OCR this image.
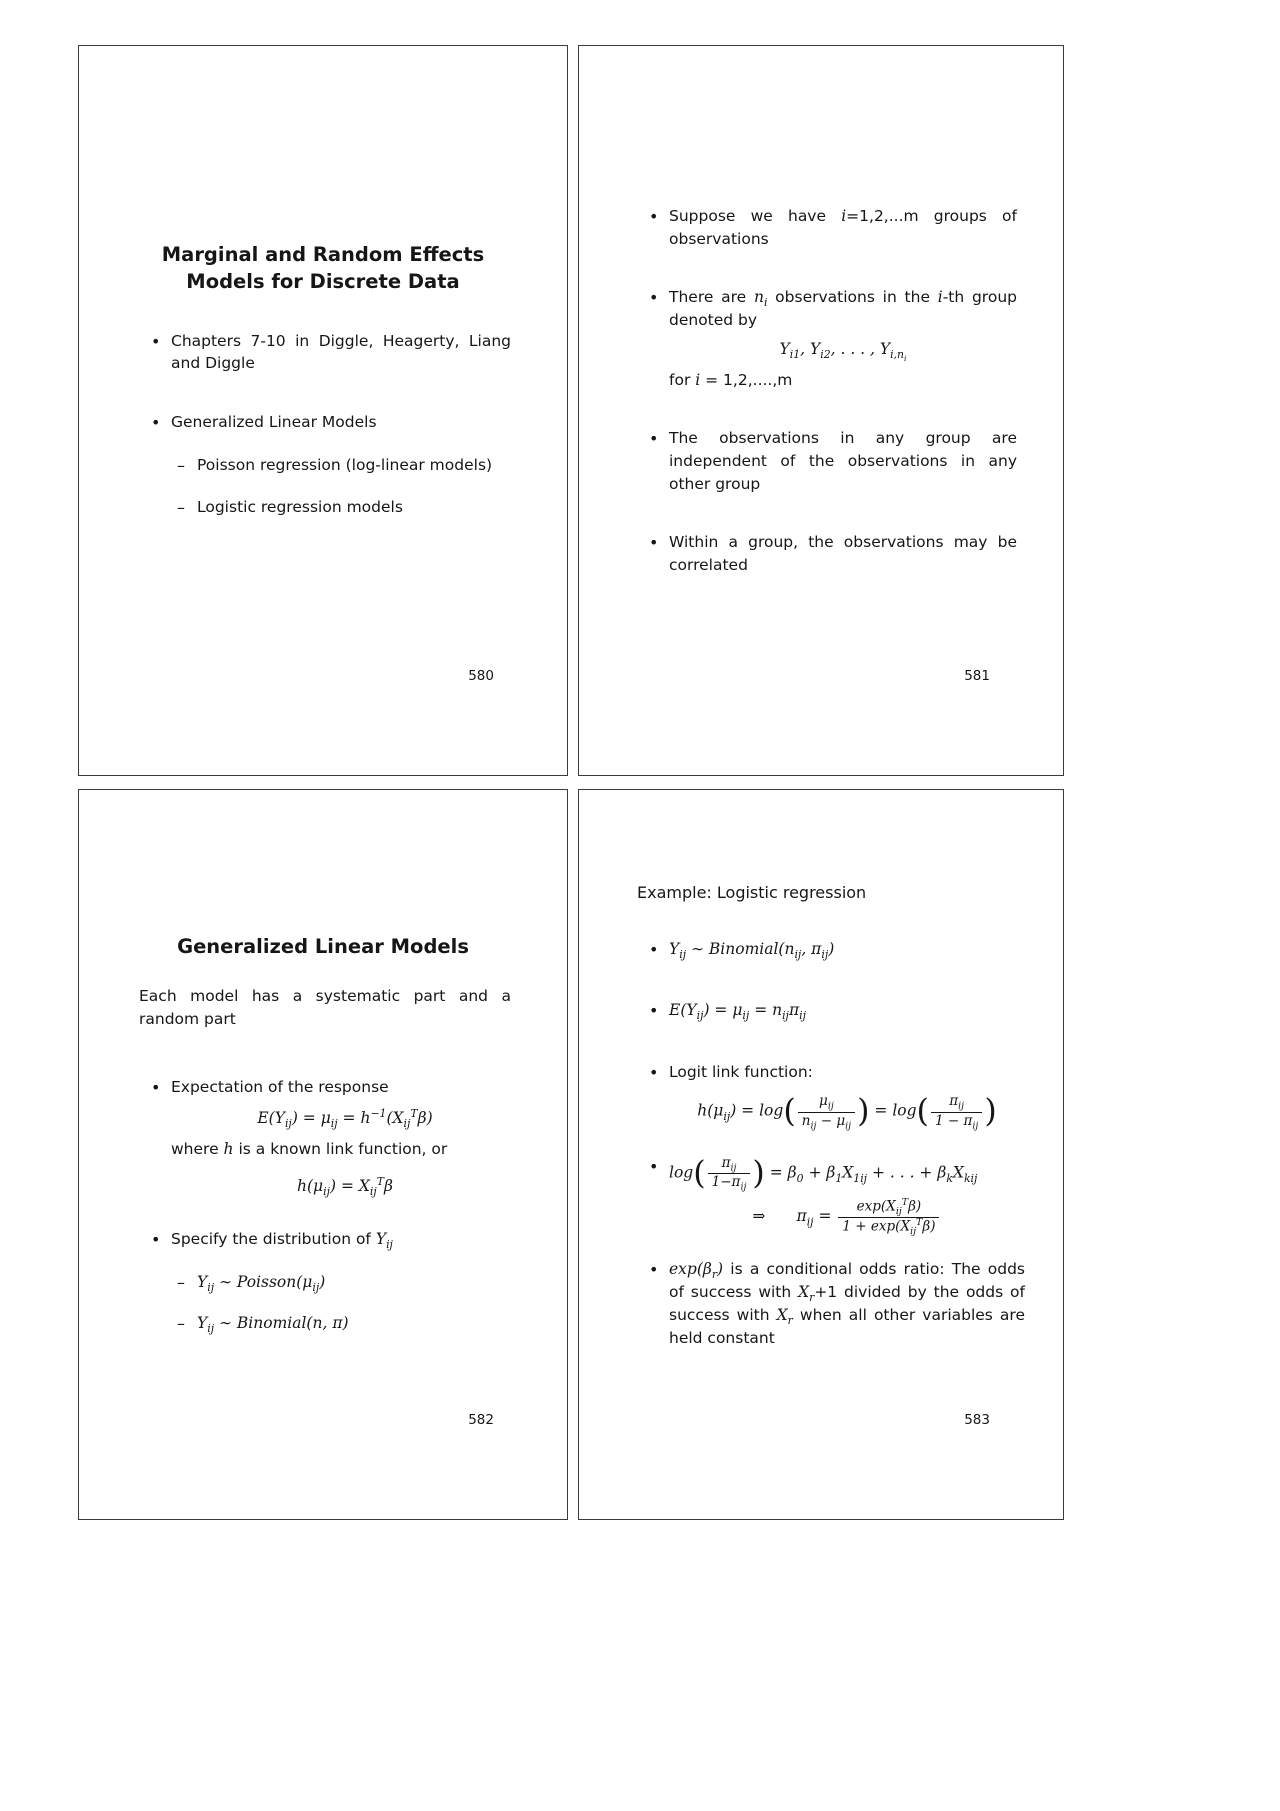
Marginal and Random Effects
Models for Discrete Data
• Chapters 7-10 in Diggle, Heagerty, Liang and Diggle
• Generalized Linear Models
– Poisson regression (log-linear models)
– Logistic regression models
580
• Suppose we have i=1,2,...m groups of observations
• There are $n_i$ observations in the i-th group denoted by
$Y_{i1}$, $Y_{i2}$, . . . , $Y_{i,n_i}$
for i = 1,2,....,m
• The observations in any group are independent of the observations in any other group
• Within a group, the observations may be correlated
581
Generalized Linear Models

Each model has a systematic part and a random part

• Expectation of the response
$E(Y_{ij}) = \mu_{ij} = h^{-1}(X_{ij}^T\beta)$
where h is a known link function, or
$h(\mu_{ij}) = X_{ij}^T\beta$
• Specify the distribution of $Y_{ij}$
– $Y_{ij}$ ∼ $Poisson(\mu_{ij})$
– $Y_{ij}$ ∼ Binomial(n, π)
582
Example: Logistic regression
• $Y_{ij}$ ∼ $Binomial(n_{ij}$, $\pi_{ij}$)
• $E(Y_{ij}) = \mu_{ij} = n_{ij}\pi_{ij}$
• Logit link function:
$h(\mu_{ij}) = \log( \frac{\mu_{ij}}{n_{ij} - \mu_{ij}}$ ) = $\log( \frac{\pi_{ij}}{1 - \pi_{ij}}$ )
• $\log( \frac{\pi_{ij}}{1-\pi_{ij}}$ ) = $\beta_0 + \beta_1X_{1ij}$ + . . . + $\beta_kX_{kij}$
⇒  $\pi_{ij} = \frac{\exp(X_{ij}^T\beta)}{1 + \exp(X_{ij}^T\beta)}$
• $\exp(\beta_r)$ is a conditional odds ratio: The odds of success with $X_r+1$ divided by the odds of success with $X_r$ when all other variables are held constant
583
